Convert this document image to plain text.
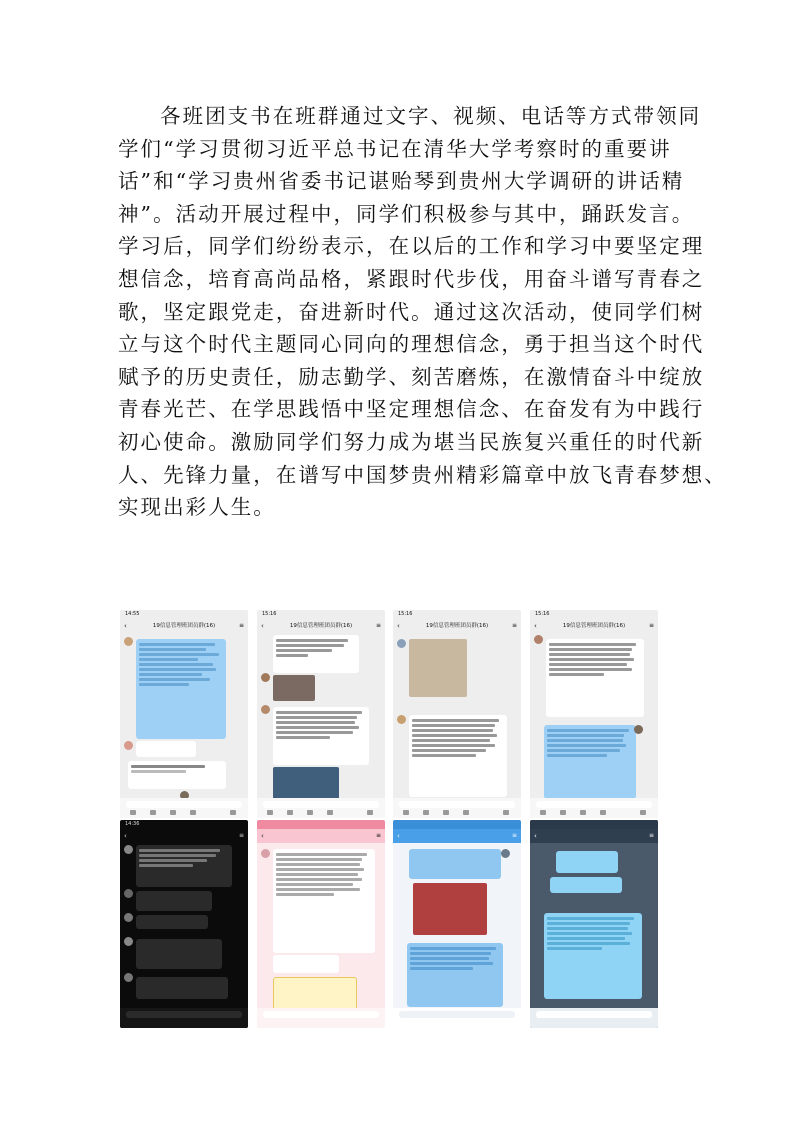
各班团支书在班群通过文字、视频、电话等方式带领同

学们“学习贯彻习近平总书记在清华大学考察时的重要讲

话”和“学习贵州省委书记谌贻琴到贵州大学调研的讲话精

神”。活动开展过程中，同学们积极参与其中，踊跃发言。

学习后，同学们纷纷表示，在以后的工作和学习中要坚定理

想信念，培育高尚品格，紧跟时代步伐，用奋斗谱写青春之

歌，坚定跟党走，奋进新时代。通过这次活动，使同学们树

立与这个时代主题同心同向的理想信念，勇于担当这个时代

赋予的历史责任，励志勤学、刻苦磨炼，在激情奋斗中绽放

青春光芒、在学思践悟中坚定理想信念、在奋发有为中践行

初心使命。激励同学们努力成为堪当民族复兴重任的时代新

人、先锋力量，在谱写中国梦贵州精彩篇章中放飞青春梦想、

实现出彩人生。

14:55
‹	19信息管理班团员群(16)	≡
15:16
‹	19信息管理班团员群(16)	≡
15:16
‹	19信息管理班团员群(16)	≡
15:16
‹	19信息管理班团员群(16)	≡
14:36
‹	≡ ‹	≡ ‹	≡ ‹	≡
